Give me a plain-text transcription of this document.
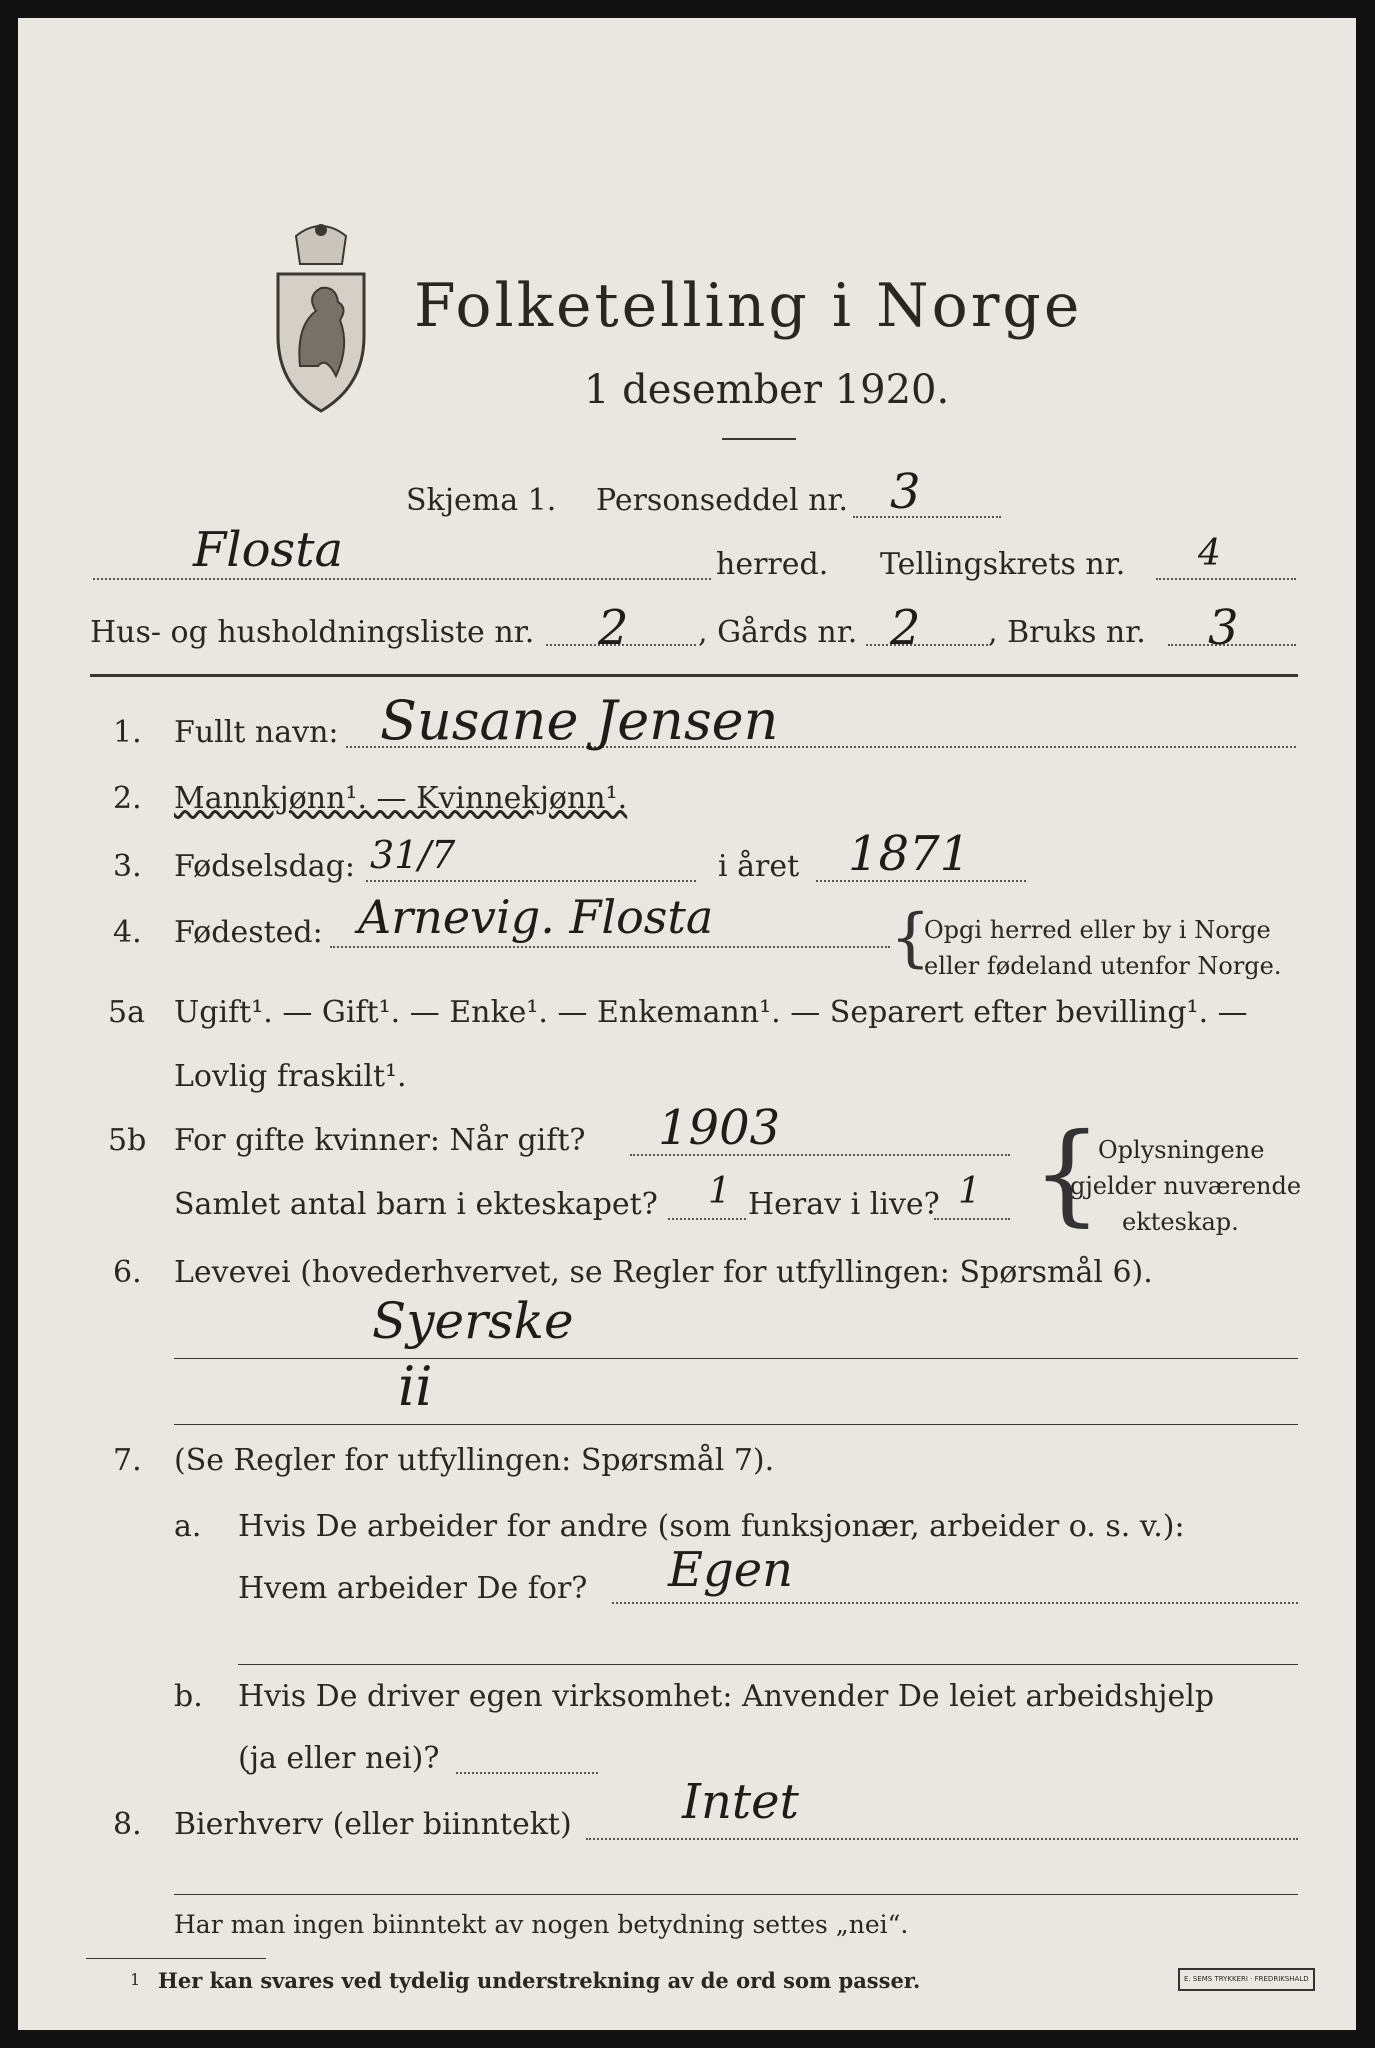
Folketelling i Norge
1 desember 1920.
Skjema 1. Personseddel nr. 3
Flosta	herred. Tellingskrets nr. 4
Hus- og husholdningsliste nr. 2 , Gårds nr. 2 , Bruks nr. 3
1. Fullt navn: Susane Jensen
2. Mannkjønn¹. — Kvinnekjønn¹.
3. Fødselsdag: 31/7	i året 1871
4. Fødested: Arnevig. Flosta	{
Opgi herred eller by i Norge
eller fødeland utenfor Norge.
5a Ugift¹. — Gift¹. — Enke¹. — Enkemann¹. — Separert efter bevilling¹. —
Lovlig fraskilt¹.
5b For gifte kvinner: Når gift? 1903
Samlet antal barn i ekteskapet? 1 Herav i live? 1 {
Oplysningene
gjelder nuværende
ekteskap.
6. Levevei (hovederhvervet, se Regler for utfyllingen: Spørsmål 6).
Syerske
ii
7. (Se Regler for utfyllingen: Spørsmål 7).
a. Hvis De arbeider for andre (som funksjonær, arbeider o. s. v.):
Hvem arbeider De for? Egen
b. Hvis De driver egen virksomhet: Anvender De leiet arbeidshjelp
(ja eller nei)?
8. Bierhverv (eller biinntekt) Intet
Har man ingen biinntekt av nogen betydning settes „nei“.
1 Her kan svares ved tydelig understrekning av de ord som passer.	E. SEMS TRYKKERI · FREDRIKSHALD
